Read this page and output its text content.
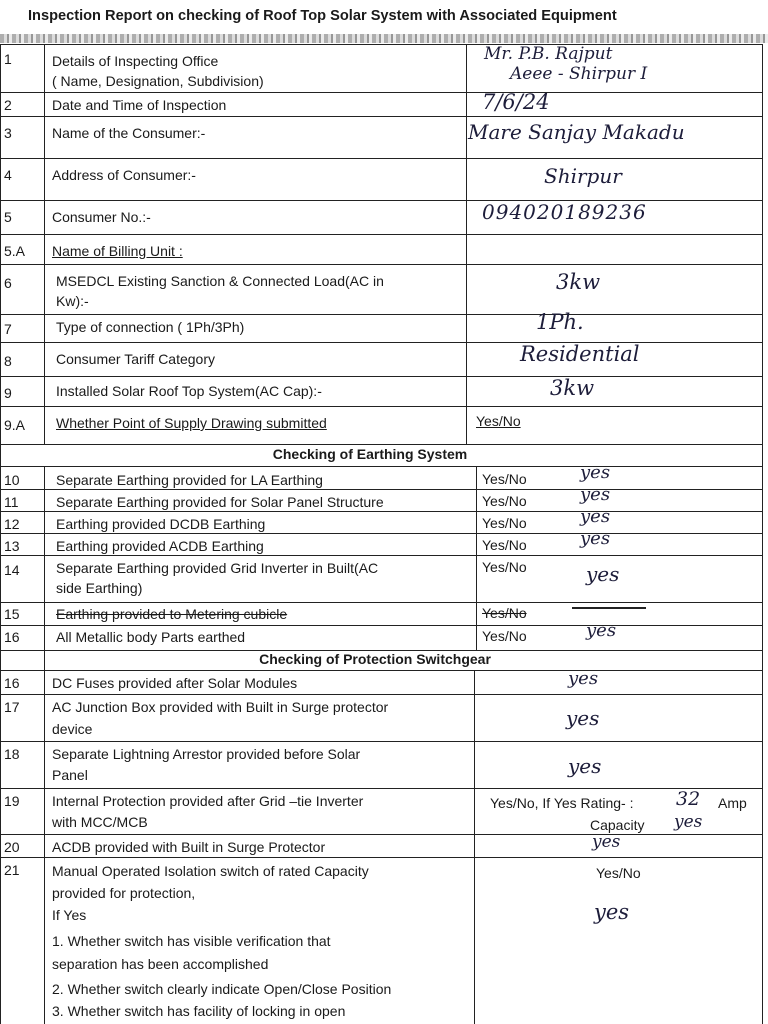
Inspection Report on checking of Roof Top Solar System with Associated Equipment
1	Details of Inspecting Office
( Name, Designation, Subdivision)
Mr. P.B. Rajput
Aeee - Shirpur I
2	Date and Time of Inspection	7/6/24
3	Name of the Consumer:-	Mare Sanjay Makadu
4	Address of Consumer:-	Shirpur
5	Consumer No.:-	094020189236
5.A Name of Billing Unit :
6	MSEDCL Existing Sanction & Connected Load(AC in
Kw):-
3kw
7	Type of connection ( 1Ph/3Ph)	1Ph.
8	Consumer Tariff Category	Residential
9	Installed Solar Roof Top System(AC Cap):-	3kw
9.A Whether Point of Supply Drawing submitted	Yes/No
Checking of Earthing System
10	Separate Earthing provided for LA Earthing	Yes/No	yes
11	Separate Earthing provided for Solar Panel Structure	Yes/No	yes
12	Earthing provided DCDB Earthing	Yes/No	yes
13	Earthing provided ACDB Earthing	Yes/No	yes
14	Separate Earthing provided Grid Inverter in Built(AC
side Earthing)
Yes/No	yes
15	Earthing provided to Metering cubicle	Yes/No
16	All Metallic body Parts earthed	Yes/No	yes
Checking of Protection Switchgear
16 DC Fuses provided after Solar Modules	yes
17 AC Junction Box provided with Built in Surge protector
device	yes
18 Separate Lightning Arrestor provided before Solar
Panel	yes
19 Internal Protection provided after Grid –tie Inverter
with MCC/MCB
Yes/No, If Yes Rating- : 32 Amp
Capacity yes
20 ACDB provided with Built in Surge Protector	yes
21 Manual Operated Isolation switch of rated Capacity
provided for protection,
If Yes
1. Whether switch has visible verification that
separation has been accomplished
2. Whether switch clearly indicate Open/Close Position
3. Whether switch has facility of locking in open
Yes/No
yes
